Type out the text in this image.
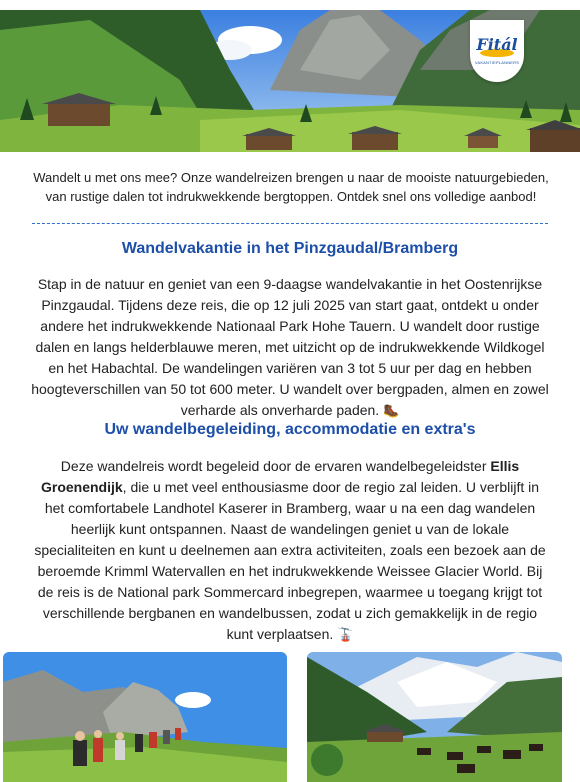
Fitál
VAKANTIEPLANNERS

Wandelt u met ons mee? Onze wandelreizen brengen u naar de mooiste natuurgebieden, van rustige dalen tot indrukwekkende bergtoppen. Ontdek snel ons volledige aanbod!

Wandelvakantie in het Pinzgaudal/Bramberg

Stap in de natuur en geniet van een 9-daagse wandelvakantie in het Oostenrijkse Pinzgaudal. Tijdens deze reis, die op 12 juli 2025 van start gaat, ontdekt u onder andere het indrukwekkende Nationaal Park Hohe Tauern. U wandelt door rustige dalen en langs helderblauwe meren, met uitzicht op de indrukwekkende Wildkogel en het Habachtal. De wandelingen variëren van 3 tot 5 uur per dag en hebben hoogteverschillen van 50 tot 600 meter. U wandelt over bergpaden, almen en zowel verharde als onverharde paden. 🥾

Uw wandelbegeleiding, accommodatie en extra's

Deze wandelreis wordt begeleid door de ervaren wandelbegeleidster Ellis Groenendijk, die u met veel enthousiasme door de regio zal leiden. U verblijft in het comfortabele Landhotel Kaserer in Bramberg, waar u na een dag wandelen heerlijk kunt ontspannen. Naast de wandelingen geniet u van de lokale specialiteiten en kunt u deelnemen aan extra activiteiten, zoals een bezoek aan de beroemde Krimml Watervallen en het indrukwekkende Weissee Glacier World. Bij de reis is de National park Sommercard inbegrepen, waarmee u toegang krijgt tot verschillende bergbanen en wandelbussen, zodat u zich gemakkelijk in de regio kunt verplaatsen. 🚡
